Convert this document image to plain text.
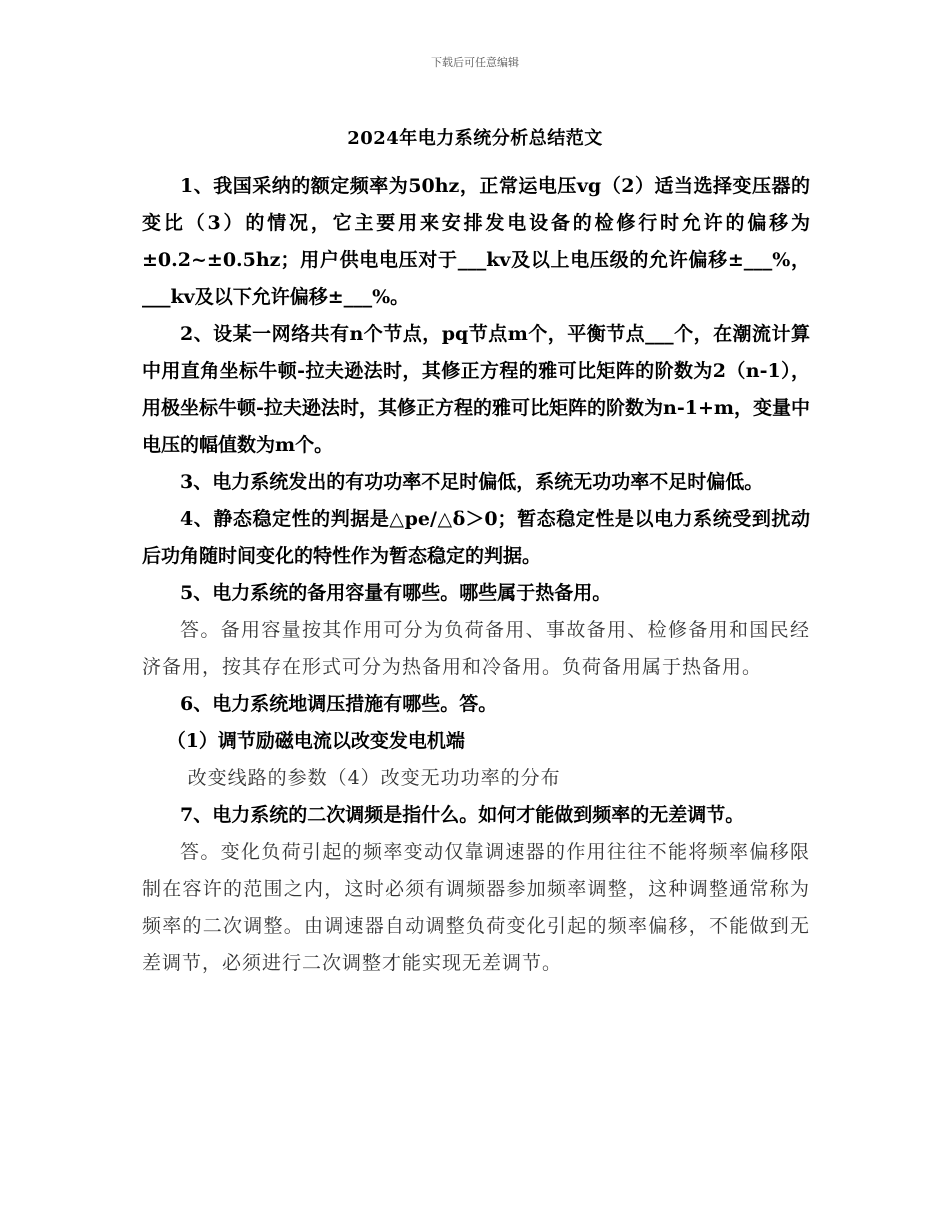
下载后可任意编辑
2024年电力系统分析总结范文

1、我国采纳的额定频率为50hz，正常运电压vg（2）适当选择变压器的变比（3）的情况，它主要用来安排发电设备的检修行时允许的偏移为±0.2~±0.5hz；用户供电电压对于___kv及以上电压级的允许偏移±___%，___kv及以下允许偏移±___%。

2、设某一网络共有n个节点，pq节点m个，平衡节点___个，在潮流计算中用直角坐标牛顿-拉夫逊法时，其修正方程的雅可比矩阵的阶数为2（n-1），用极坐标牛顿-拉夫逊法时，其修正方程的雅可比矩阵的阶数为n-1+m，变量中电压的幅值数为m个。

3、电力系统发出的有功功率不足时偏低，系统无功功率不足时偏低。

4、静态稳定性的判据是△pe/△δ＞0；暂态稳定性是以电力系统受到扰动后功角随时间变化的特性作为暂态稳定的判据。

5、电力系统的备用容量有哪些。哪些属于热备用。

答。备用容量按其作用可分为负荷备用、事故备用、检修备用和国民经济备用，按其存在形式可分为热备用和冷备用。负荷备用属于热备用。

6、电力系统地调压措施有哪些。答。

（1）调节励磁电流以改变发电机端

改变线路的参数（4）改变无功功率的分布

7、电力系统的二次调频是指什么。如何才能做到频率的无差调节。

答。变化负荷引起的频率变动仅靠调速器的作用往往不能将频率偏移限制在容许的范围之内，这时必须有调频器参加频率调整，这种调整通常称为频率的二次调整。由调速器自动调整负荷变化引起的频率偏移，不能做到无差调节，必须进行二次调整才能实现无差调节。
